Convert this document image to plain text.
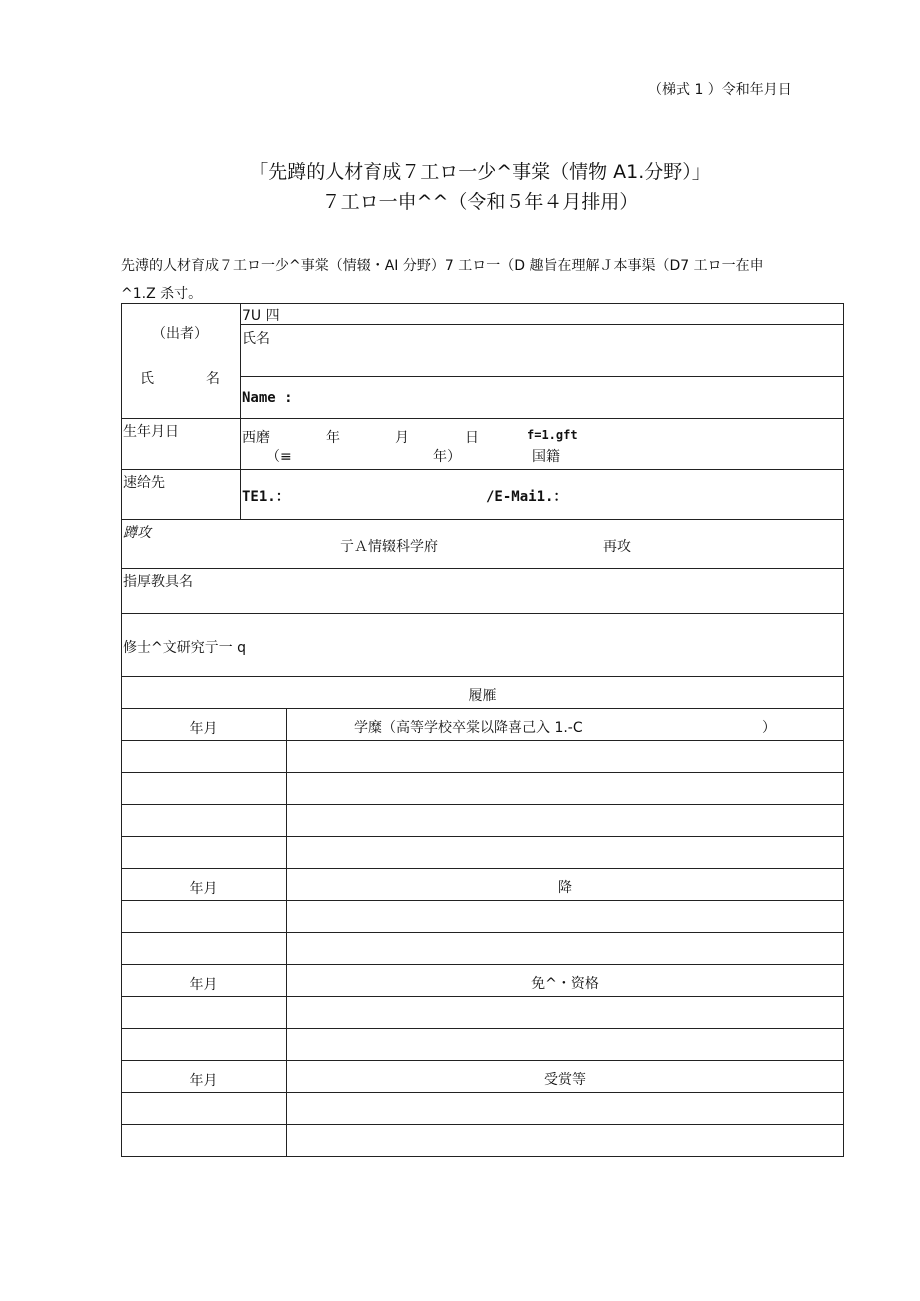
（梯式 1 ）令和年月日
「先蹲的人材育成７工ロ一少^事棠（情物 A1.分野）」
７工ロ一申^^（令和５年４月排用）
先溥的人材育成７工ロ一少^事棠（情辍・AI 分野）7 工ロ一（D 趣旨在理解Ｊ本事渠（D7 工ロ一在申
^1.Z 杀寸。
（出者）
氏	名
7U 四
氏名
Name :
生年月日	西磨	年	月	日	f=1.gft
（≡	年）	国籍
速给先
TE1.：	/E-Mai1.：
蹲攻
亍Ａ情辍科学府	再攻
指厚教具名
修士^文研究亍一 q
履雁
年月	学糜（高等学校卒棠以降喜己入 1.-C	）
年月	降
年月	免^・资格
年月	受赏等
